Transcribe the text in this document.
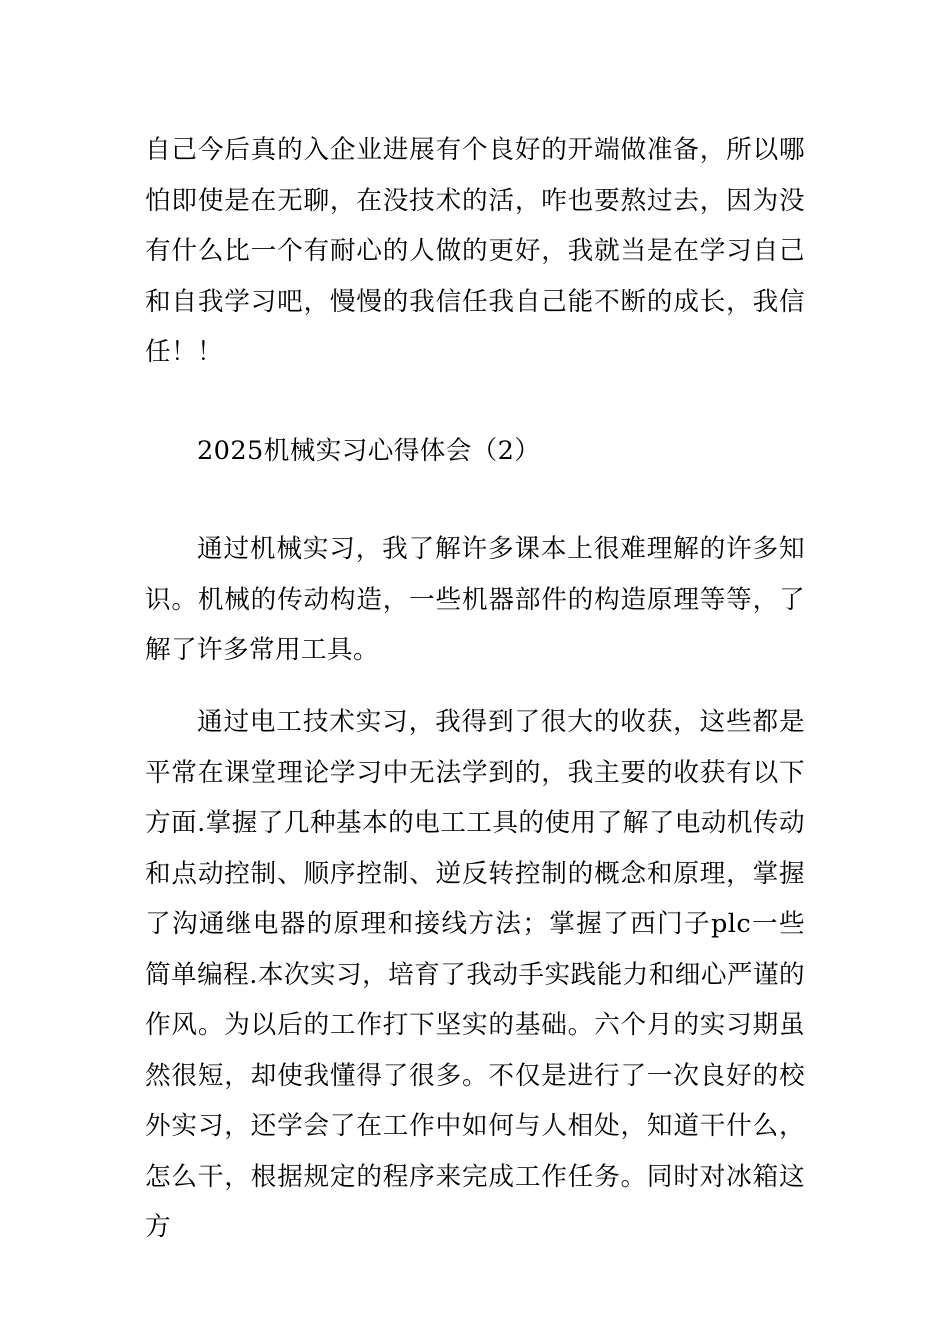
自己今后真的入企业进展有个良好的开端做准备，所以哪怕即使是在无聊，在没技术的活，咋也要熬过去，因为没有什么比一个有耐心的人做的更好，我就当是在学习自己和自我学习吧，慢慢的我信任我自己能不断的成长，我信任！！

2025机械实习心得体会（2）

通过机械实习，我了解许多课本上很难理解的许多知识。机械的传动构造，一些机器部件的构造原理等等，了解了许多常用工具。

通过电工技术实习，我得到了很大的收获，这些都是平常在课堂理论学习中无法学到的，我主要的收获有以下方面.掌握了几种基本的电工工具的使用了解了电动机传动和点动控制、顺序控制、逆反转控制的概念和原理，掌握了沟通继电器的原理和接线方法；掌握了西门子plc一些简单编程.本次实习，培育了我动手实践能力和细心严谨的作风。为以后的工作打下坚实的基础。六个月的实习期虽然很短，却使我懂得了很多。不仅是进行了一次良好的校外实习，还学会了在工作中如何与人相处，知道干什么，怎么干，根据规定的程序来完成工作任务。同时对冰箱这方
